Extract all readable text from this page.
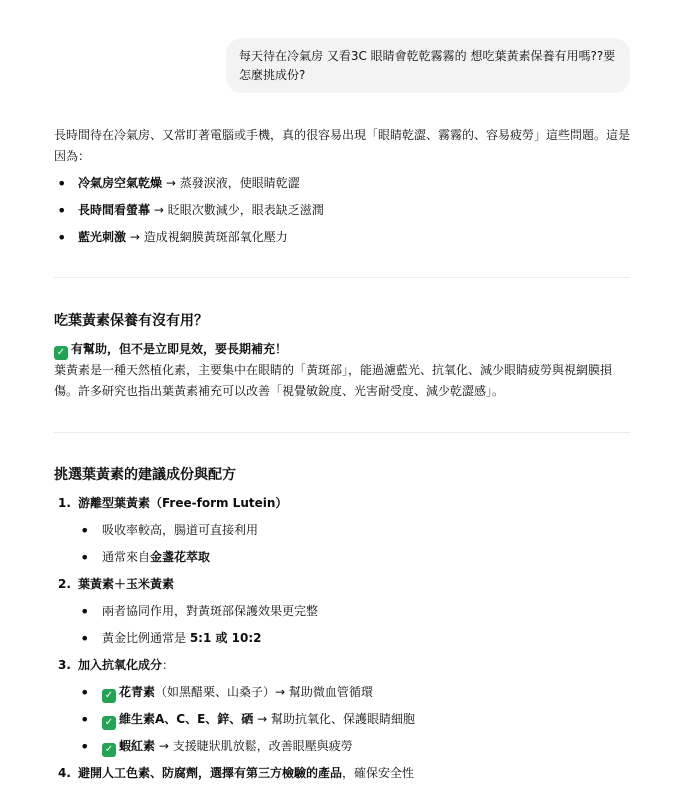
每天待在冷氣房 又看3C 眼睛會乾乾霧霧的 想吃葉黃素保養有用嗎??要怎麼挑成份?
長時間待在冷氣房、又常盯著電腦或手機，真的很容易出現「眼睛乾澀、霧霧的、容易疲勞」這些問題。這是因為：
• 冷氣房空氣乾燥 → 蒸發淚液，使眼睛乾澀
• 長時間看螢幕 → 眨眼次數減少，眼表缺乏滋潤
• 藍光刺激 → 造成視網膜黃斑部氧化壓力
吃葉黃素保養有沒有用？
✓ 有幫助，但不是立即見效，要長期補充！
葉黃素是一種天然植化素，主要集中在眼睛的「黃斑部」，能過濾藍光、抗氧化、減少眼睛疲勞與視網膜損傷。許多研究也指出葉黃素補充可以改善「視覺敏銳度、光害耐受度、減少乾澀感」。
挑選葉黃素的建議成份與配方
1. 游離型葉黃素（Free-form Lutein）
• 吸收率較高，腸道可直接利用
• 通常來自金盞花萃取
2. 葉黃素＋玉米黃素
• 兩者協同作用，對黃斑部保護效果更完整
• 黃金比例通常是 5:1 或 10:2
3. 加入抗氧化成分：
• ✓ 花青素（如黑醋栗、山桑子）→ 幫助微血管循環
• ✓ 維生素A、C、E、鋅、硒 → 幫助抗氧化、保護眼睛細胞
• ✓ 蝦紅素 → 支援睫狀肌放鬆，改善眼壓與疲勞
4. 避開人工色素、防腐劑，選擇有第三方檢驗的產品，確保安全性
